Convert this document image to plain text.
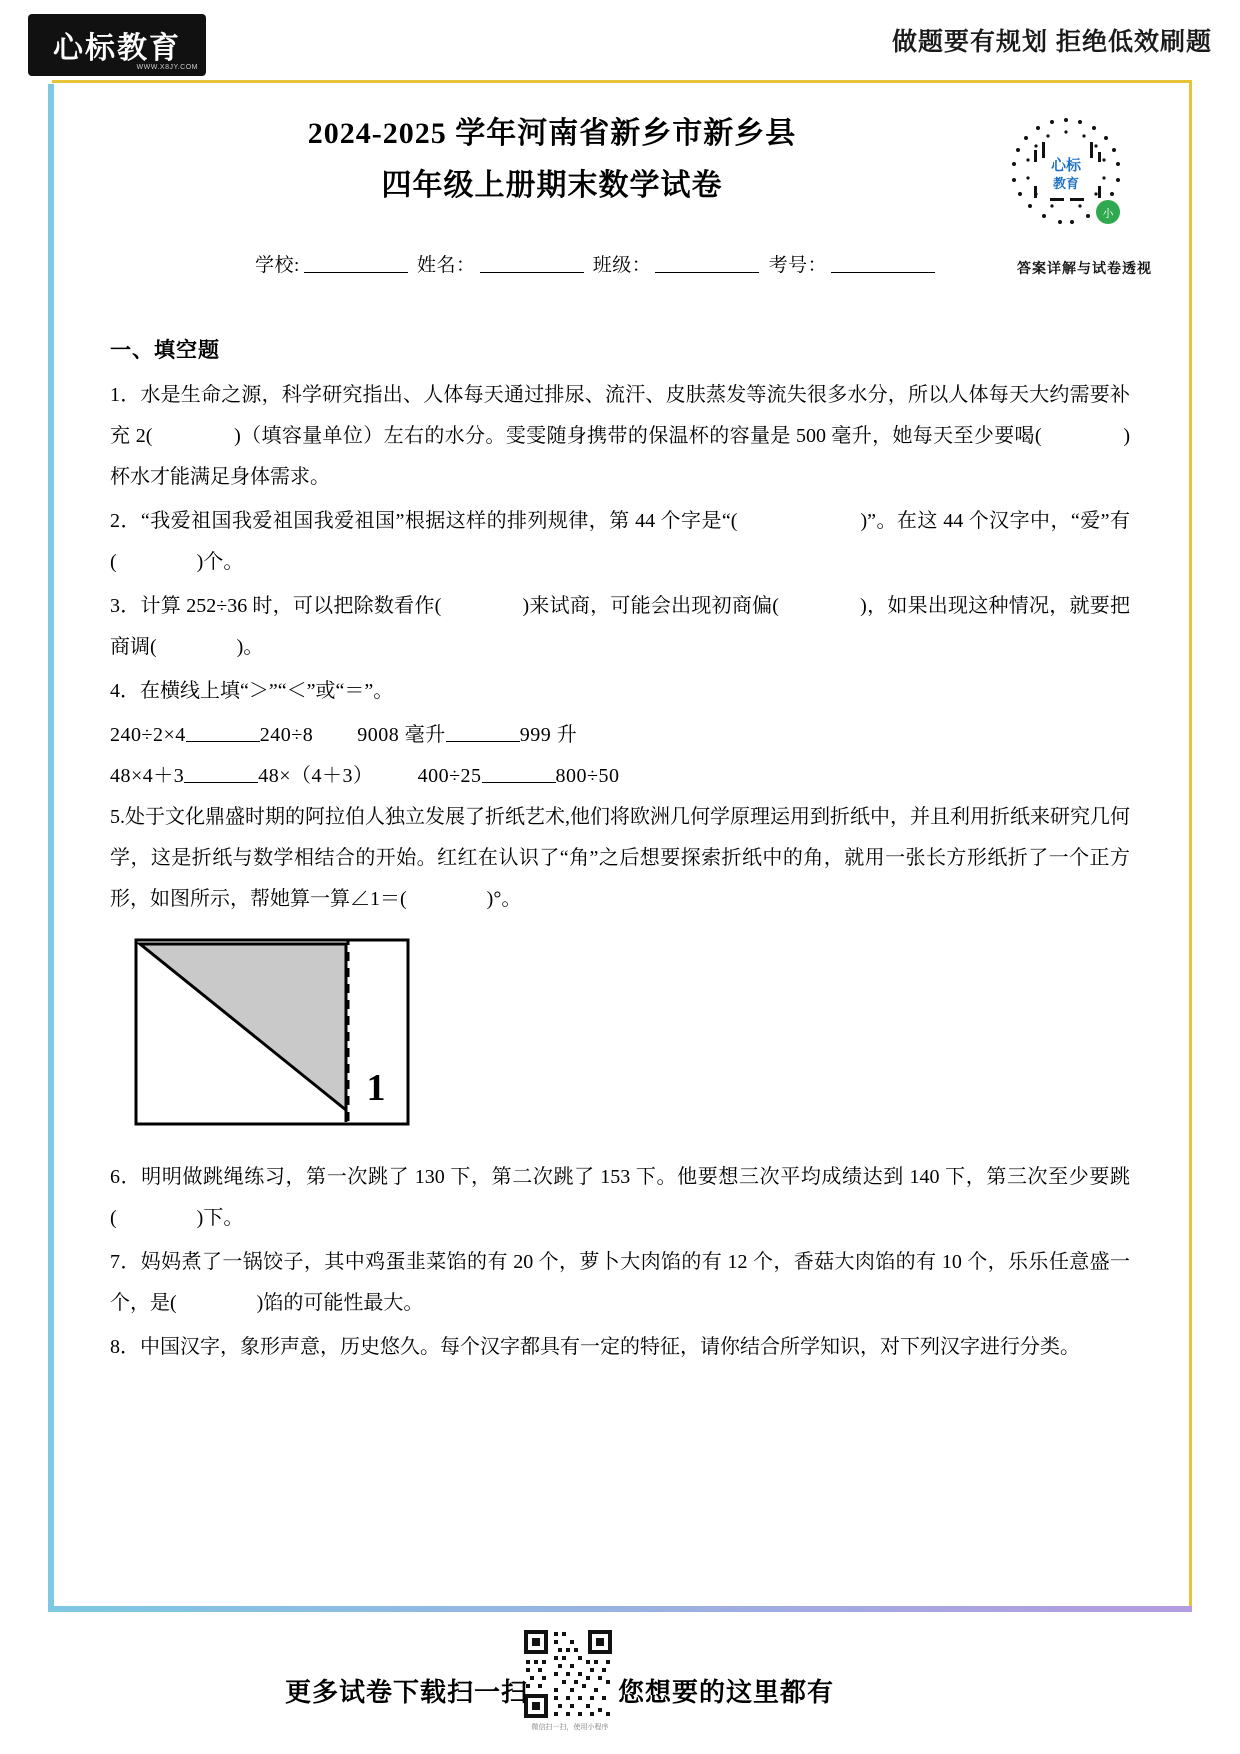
心标教育
WWW.X8JY.COM
做题要有规划 拒绝低效刷题
2024-2025 学年河南省新乡市新乡县
四年级上册期末数学试卷
心标
教育
小
答案详解与试卷透视
学校:	姓名：	班级：	考号：
一、填空题

1．水是生命之源，科学研究指出、人体每天通过排尿、流汗、皮肤蒸发等流失很多水分，所以人体每天大约需要补充 2(　　　　)（填容量单位）左右的水分。雯雯随身携带的保温杯的容量是 500 毫升，她每天至少要喝(　　　　)杯水才能满足身体需求。

2．“我爱祖国我爱祖国我爱祖国”根据这样的排列规律，第 44 个字是“(　　　　　　)”。在这 44 个汉字中，“爱”有(　　　　)个。

3．计算 252÷36 时，可以把除数看作(　　　　)来试商，可能会出现初商偏(　　　　)，如果出现这种情况，就要把商调(　　　　)。

4．在横线上填“＞”“＜”或“＝”。

240÷2×4	240÷8 9008 毫升	999 升

48×4＋3	48×（4＋3） 400÷25	800÷50

5.处于文化鼎盛时期的阿拉伯人独立发展了折纸艺术,他们将欧洲几何学原理运用到折纸中，并且利用折纸来研究几何学，这是折纸与数学相结合的开始。红红在认识了“角”之后想要探索折纸中的角，就用一张长方形纸折了一个正方形，如图所示，帮她算一算∠1＝(　　　　)°。

1

6．明明做跳绳练习，第一次跳了 130 下，第二次跳了 153 下。他要想三次平均成绩达到 140 下，第三次至少要跳(　　　　)下。

7．妈妈煮了一锅饺子，其中鸡蛋韭菜馅的有 20 个，萝卜大肉馅的有 12 个，香菇大肉馅的有 10 个，乐乐任意盛一个，是(　　　　)馅的可能性最大。

8．中国汉字，象形声意，历史悠久。每个汉字都具有一定的特征，请你结合所学知识，对下列汉字进行分类。

微信扫一扫，使用小程序
更多试卷下载扫一扫	您想要的这里都有
